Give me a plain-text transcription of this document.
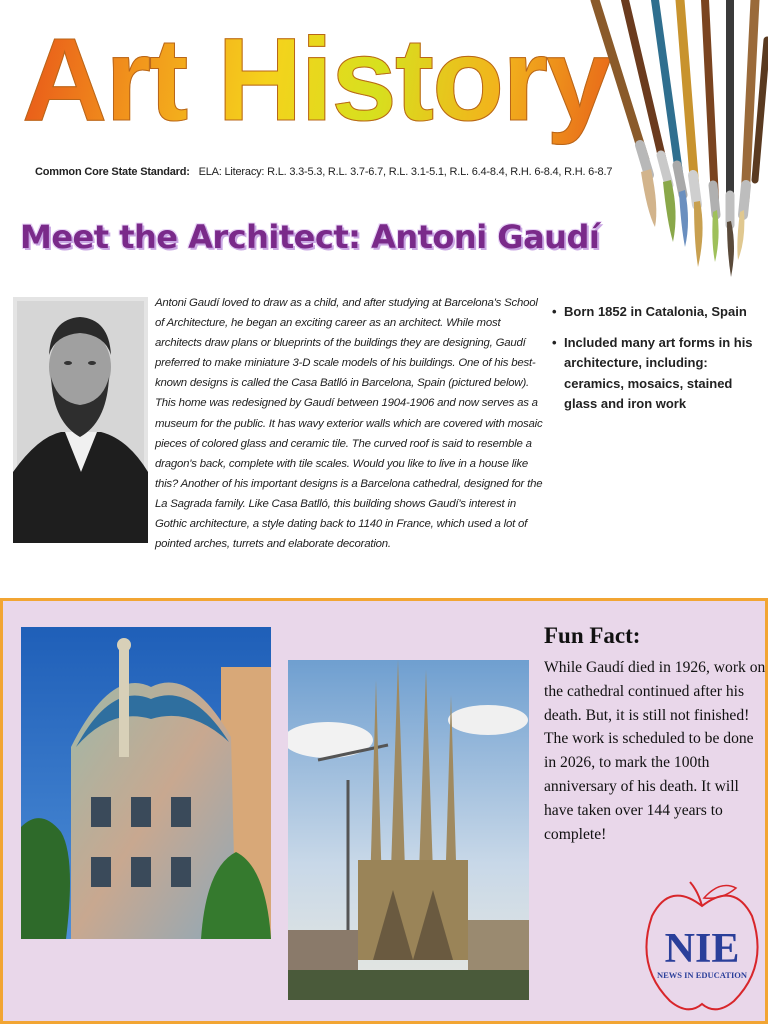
Art History
Common Core State Standard: ELA: Literacy: R.L. 3.3-5.3, R.L. 3.7-6.7, R.L. 3.1-5.1, R.L. 6.4-8.4, R.H. 6-8.4, R.H. 6-8.7
Meet the Architect: Antoni Gaudí

Antoni Gaudí loved to draw as a child, and after studying at Barcelona's School of Architecture, he began an exciting career as an architect. While most architects draw plans or blueprints of the buildings they are designing, Gaudí preferred to make miniature 3-D scale models of his buildings. One of his best-known designs is called the Casa Batlló in Barcelona, Spain (pictured below). This home was redesigned by Gaudí between 1904-1906 and now serves as a museum for the public. It has wavy exterior walls which are covered with mosaic pieces of colored glass and ceramic tile. The curved roof is said to resemble a dragon's back, complete with tile scales. Would you like to live in a house like this? Another of his important designs is a Barcelona cathedral, designed for the La Sagrada family. Like Casa Batlló, this building shows Gaudí's interest in Gothic architecture, a style dating back to 1140 in France, which used a lot of pointed arches, turrets and elaborate decoration.

• Born 1852 in Catalonia, Spain
• Included many art forms in his architecture, including: ceramics, mosaics, stained glass and iron work
Fun Fact:

While Gaudí died in 1926, work on the cathedral continued after his death. But, it is still not finished! The work is scheduled to be done in 2026, to mark the 100th anniversary of his death. It will have taken over 144 years to complete!

NIE
NEWS IN EDUCATION
